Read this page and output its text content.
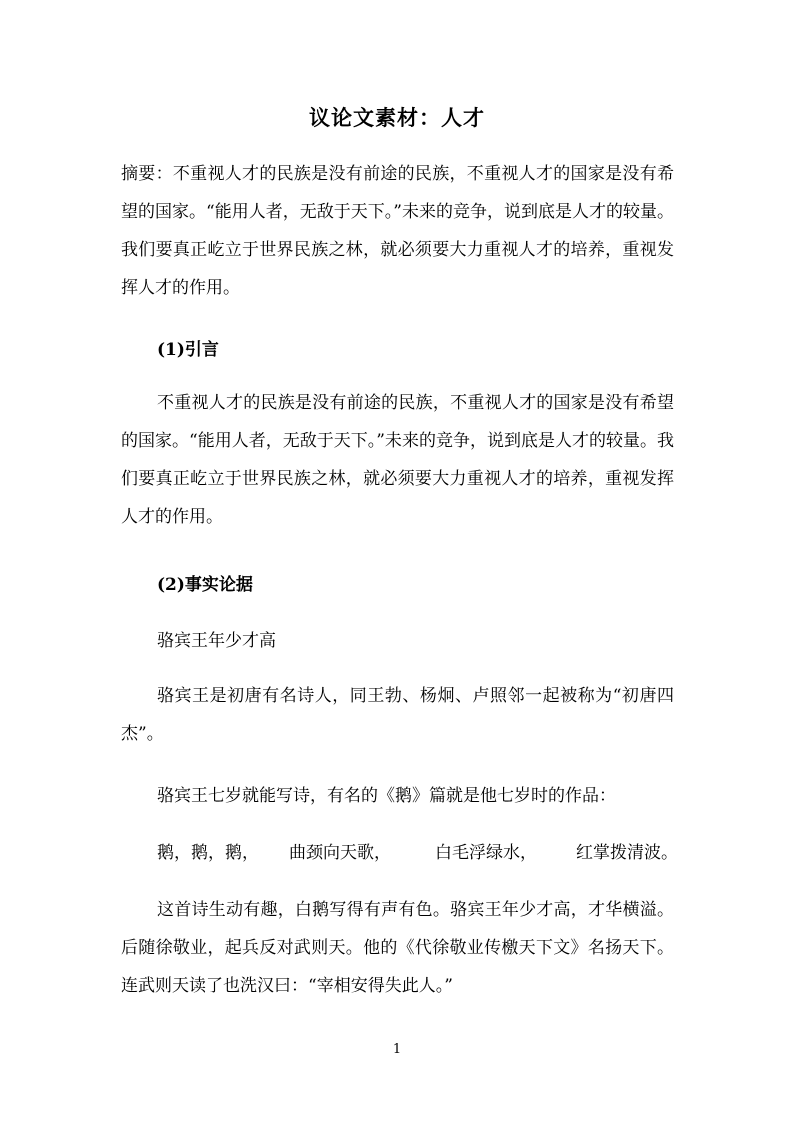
议论文素材：人才
摘要：不重视人才的民族是没有前途的民族，不重视人才的国家是没有希望的国家。“能用人者，无敌于天下。”未来的竞争，说到底是人才的较量。我们要真正屹立于世界民族之林，就必须要大力重视人才的培养，重视发挥人才的作用。
(1)引言
不重视人才的民族是没有前途的民族，不重视人才的国家是没有希望的国家。“能用人者，无敌于天下。”未来的竞争，说到底是人才的较量。我们要真正屹立于世界民族之林，就必须要大力重视人才的培养，重视发挥人才的作用。
(2)事实论据
骆宾王年少才高
骆宾王是初唐有名诗人，同王勃、杨炯、卢照邻一起被称为“初唐四杰”。
骆宾王七岁就能写诗，有名的《鹅》篇就是他七岁时的作品：
鹅，鹅，鹅， 曲颈向天歌，	白毛浮绿水， 红掌拨清波。
这首诗生动有趣，白鹅写得有声有色。骆宾王年少才高，才华横溢。后随徐敬业，起兵反对武则天。他的《代徐敬业传檄天下文》名扬天下。连武则天读了也洗汉曰：“宰相安得失此人。”
1
